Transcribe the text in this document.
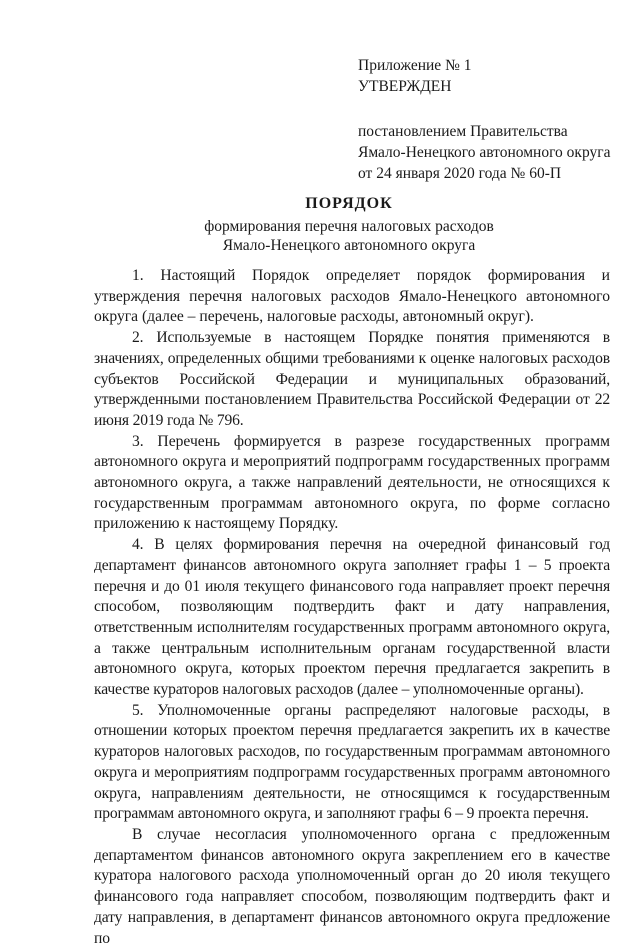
Приложение № 1
УТВЕРЖДЕН
постановлением Правительства
Ямало-Ненецкого автономного округа
от 24 января 2020 года № 60-П
ПОРЯДОК
формирования перечня налоговых расходов
Ямало-Ненецкого автономного округа

1. Настоящий Порядок определяет порядок формирования и утверждения перечня налоговых расходов Ямало-Ненецкого автономного округа (далее – перечень, налоговые расходы, автономный округ).

2. Используемые в настоящем Порядке понятия применяются в значениях, определенных общими требованиями к оценке налоговых расходов субъектов Российской Федерации и муниципальных образований, утвержденными постановлением Правительства Российской Федерации от 22 июня 2019 года № 796.

3. Перечень формируется в разрезе государственных программ автономного округа и мероприятий подпрограмм государственных программ автономного округа, а также направлений деятельности, не относящихся к государственным программам автономного округа, по форме согласно приложению к настоящему Порядку.

4. В целях формирования перечня на очередной финансовый год департамент финансов автономного округа заполняет графы 1 – 5 проекта перечня и до 01 июля текущего финансового года направляет проект перечня способом, позволяющим подтвердить факт и дату направления, ответственным исполнителям государственных программ автономного округа, а также центральным исполнительным органам государственной власти автономного округа, которых проектом перечня предлагается закрепить в качестве кураторов налоговых расходов (далее – уполномоченные органы).

5. Уполномоченные органы распределяют налоговые расходы, в отношении которых проектом перечня предлагается закрепить их в качестве кураторов налоговых расходов, по государственным программам автономного округа и мероприятиям подпрограмм государственных программ автономного округа, направлениям деятельности, не относящимся к государственным программам автономного округа, и заполняют графы 6 – 9 проекта перечня.

В случае несогласия уполномоченного органа с предложенным департаментом финансов автономного округа закреплением его в качестве куратора налогового расхода уполномоченный орган до 20 июля текущего финансового года направляет способом, позволяющим подтвердить факт и дату направления, в департамент финансов автономного округа предложение по
